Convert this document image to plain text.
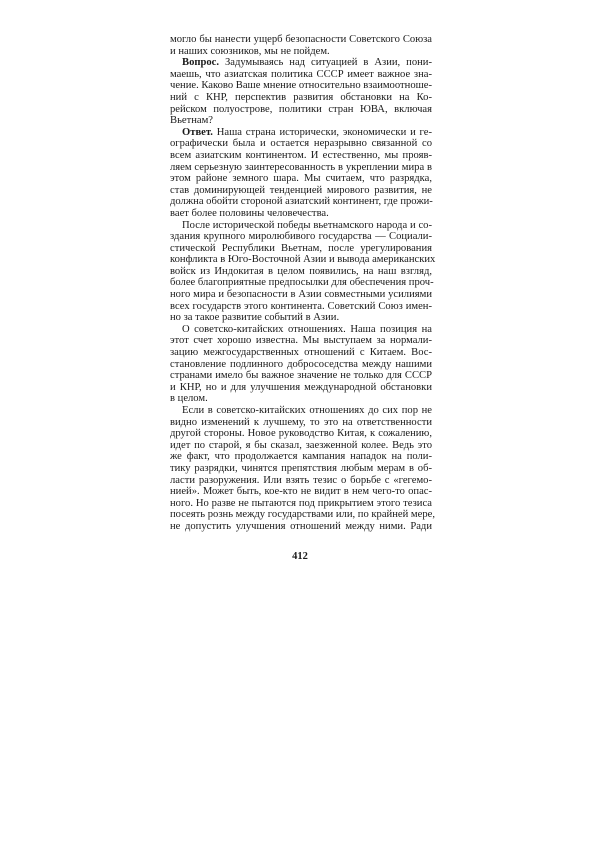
могло бы нанести ущерб безопасности Советского Союза
и наших союзников, мы не пойдем.
Вопрос. Задумываясь над ситуацией в Азии, пони-
маешь, что азиатская политика СССР имеет важное зна-
чение. Каково Ваше мнение относительно взаимоотноше-
ний с КНР, перспектив развития обстановки на Ко-
рейском полуострове, политики стран ЮВА, включая
Вьетнам?
Ответ. Наша страна исторически, экономически и ге-
ографически была и остается неразрывно связанной со
всем азиатским континентом. И естественно, мы прояв-
ляем серьезную заинтересованность в укреплении мира в
этом районе земного шара. Мы считаем, что разрядка,
став доминирующей тенденцией мирового развития, не
должна обойти стороной азиатский континент, где прожи-
вает более половины человечества.
После исторической победы вьетнамского народа и со-
здания крупного миролюбивого государства — Социали-
стической Республики Вьетнам, после урегулирования
конфликта в Юго-Восточной Азии и вывода американских
войск из Индокитая в целом появились, на наш взгляд,
более благоприятные предпосылки для обеспечения проч-
ного мира и безопасности в Азии совместными усилиями
всех государств этого континента. Советский Союз имен-
но за такое развитие событий в Азии.
О советско-китайских отношениях. Наша позиция на
этот счет хорошо известна. Мы выступаем за нормали-
зацию межгосударственных отношений с Китаем. Вос-
становление подлинного добрососедства между нашими
странами имело бы важное значение не только для СССР
и КНР, но и для улучшения международной обстановки
в целом.
Если в советско-китайских отношениях до сих пор не
видно изменений к лучшему, то это на ответственности
другой стороны. Новое руководство Китая, к сожалению,
идет по старой, я бы сказал, заезженной колее. Ведь это
же факт, что продолжается кампания нападок на поли-
тику разрядки, чинятся препятствия любым мерам в об-
ласти разоружения. Или взять тезис о борьбе с «гегемо-
нией». Может быть, кое-кто не видит в нем чего-то опас-
ного. Но разве не пытаются под прикрытием этого тезиса
посеять рознь между государствами или, по крайней мере,
не допустить улучшения отношений между ними. Ради
412
